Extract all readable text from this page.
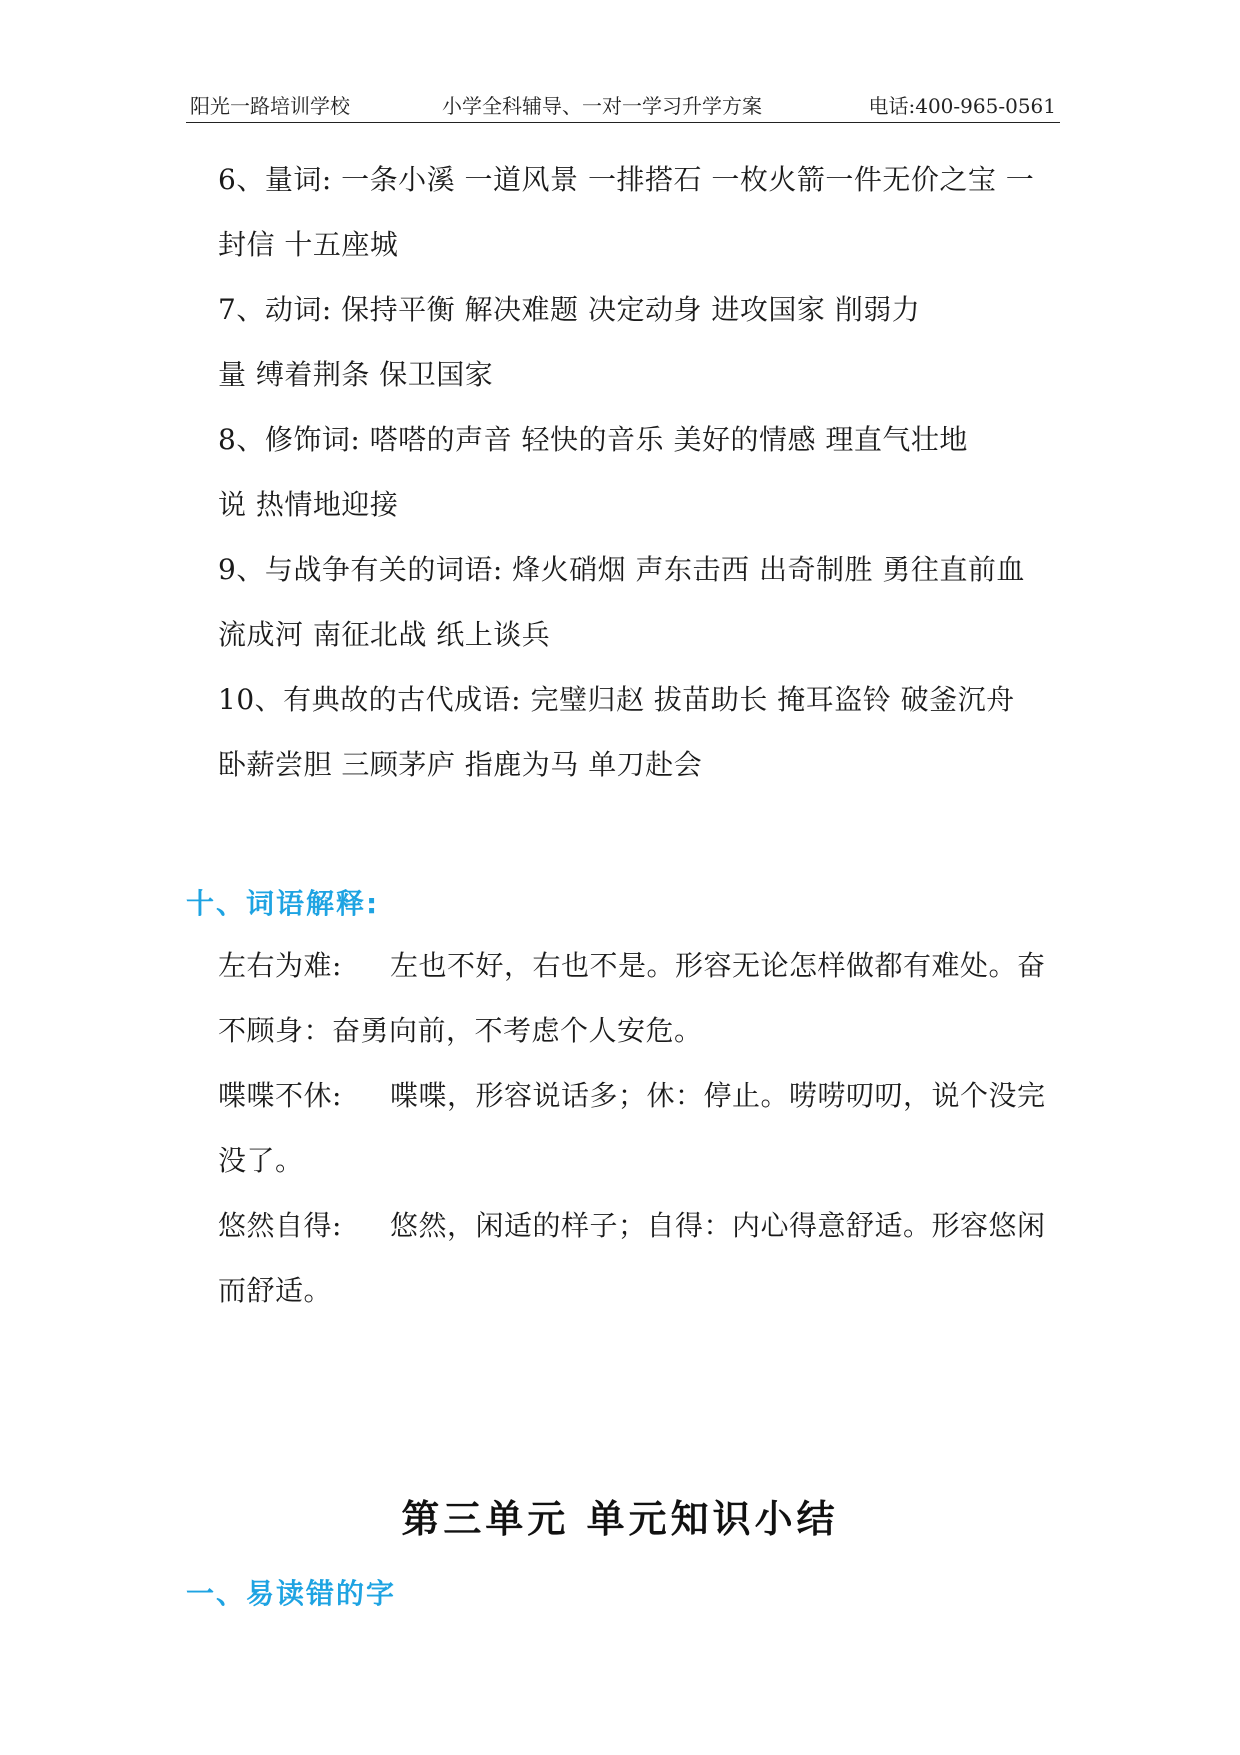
阳光一路培训学校	小学全科辅导、一对一学习升学方案	电话:400-965-0561
6、量词: 一条小溪 一道风景 一排搭石 一枚火箭一件无价之宝 一
封信 十五座城
7、动词: 保持平衡 解决难题 决定动身 进攻国家 削弱力
量 缚着荆条 保卫国家
8、修饰词: 嗒嗒的声音 轻快的音乐 美好的情感 理直气壮地
说 热情地迎接
9、与战争有关的词语: 烽火硝烟 声东击西 出奇制胜 勇往直前血
流成河 南征北战 纸上谈兵
10、有典故的古代成语: 完璧归赵 拔苗助长 掩耳盗铃 破釜沉舟
卧薪尝胆 三顾茅庐 指鹿为马 单刀赴会
十、词语解释:
左右为难: 左也不好，右也不是。形容无论怎样做都有难处。奋
不顾身：奋勇向前，不考虑个人安危。
喋喋不休: 喋喋，形容说话多；休：停止。唠唠叨叨，说个没完
没了。
悠然自得: 悠然，闲适的样子；自得：内心得意舒适。形容悠闲
而舒适。
第三单元 单元知识小结
一、易读错的字
